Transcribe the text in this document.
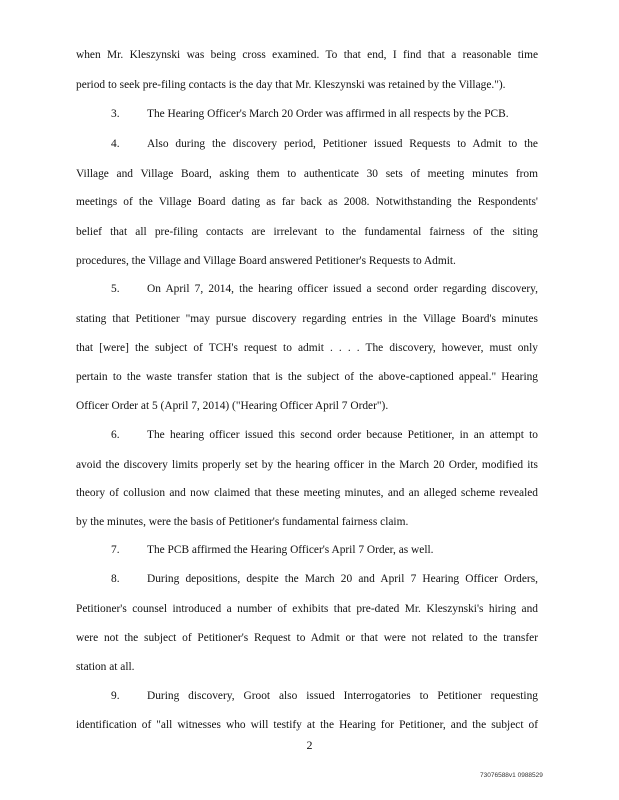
when Mr. Kleszynski was being cross examined. To that end, I find that a reasonable time
period to seek pre-filing contacts is the day that Mr. Kleszynski was retained by the Village.").
3. The Hearing Officer's March 20 Order was affirmed in all respects by the PCB.
4. Also during the discovery period, Petitioner issued Requests to Admit to the
Village and Village Board, asking them to authenticate 30 sets of meeting minutes from
meetings of the Village Board dating as far back as 2008. Notwithstanding the Respondents'
belief that all pre-filing contacts are irrelevant to the fundamental fairness of the siting
procedures, the Village and Village Board answered Petitioner's Requests to Admit.
5. On April 7, 2014, the hearing officer issued a second order regarding discovery,
stating that Petitioner "may pursue discovery regarding entries in the Village Board's minutes
that [were] the subject of TCH's request to admit . . . . The discovery, however, must only
pertain to the waste transfer station that is the subject of the above-captioned appeal." Hearing
Officer Order at 5 (April 7, 2014) ("Hearing Officer April 7 Order").
6. The hearing officer issued this second order because Petitioner, in an attempt to
avoid the discovery limits properly set by the hearing officer in the March 20 Order, modified its
theory of collusion and now claimed that these meeting minutes, and an alleged scheme revealed
by the minutes, were the basis of Petitioner's fundamental fairness claim.
7. The PCB affirmed the Hearing Officer's April 7 Order, as well.
8. During depositions, despite the March 20 and April 7 Hearing Officer Orders,
Petitioner's counsel introduced a number of exhibits that pre-dated Mr. Kleszynski's hiring and
were not the subject of Petitioner's Request to Admit or that were not related to the transfer
station at all.
9. During discovery, Groot also issued Interrogatories to Petitioner requesting
identification of "all witnesses who will testify at the Hearing for Petitioner, and the subject of
2
73076588v1 0988529
